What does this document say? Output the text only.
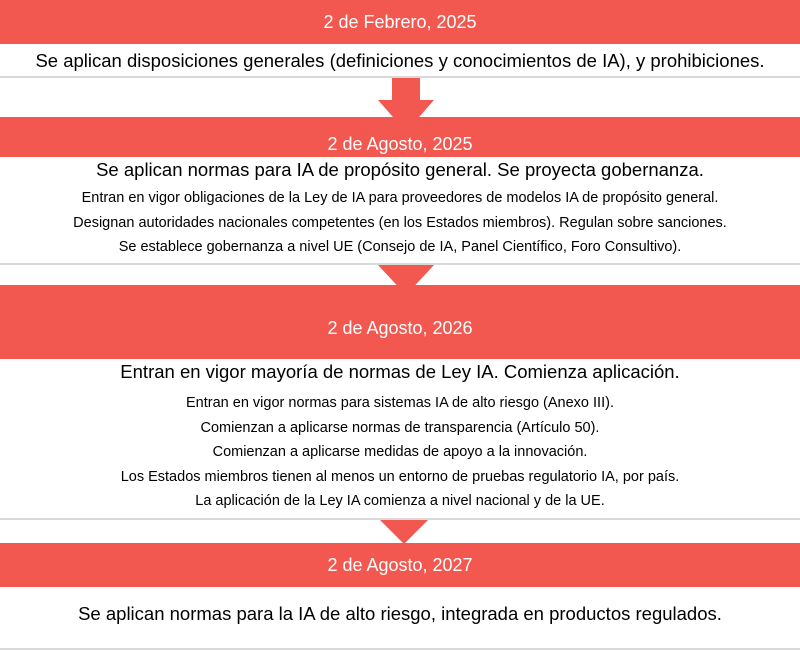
2 de Febrero, 2025

Se aplican disposiciones generales (definiciones y conocimientos de IA), y prohibiciones.

2 de Agosto, 2025

Se aplican normas para IA de propósito general. Se proyecta gobernanza.

Entran en vigor obligaciones de la Ley de IA para proveedores de modelos IA de propósito general.

Designan autoridades nacionales competentes (en los Estados miembros). Regulan sobre sanciones.

Se establece gobernanza a nivel UE (Consejo de IA, Panel Científico, Foro Consultivo).

2 de Agosto, 2026

Entran en vigor mayoría de normas de Ley IA. Comienza aplicación.

Entran en vigor normas para sistemas IA de alto riesgo (Anexo III).

Comienzan a aplicarse normas de transparencia (Artículo 50).

Comienzan a aplicarse medidas de apoyo a la innovación.

Los Estados miembros tienen al menos un entorno de pruebas regulatorio IA, por país.

La aplicación de la Ley IA comienza a nivel nacional y de la UE.

2 de Agosto, 2027

Se aplican normas para la IA de alto riesgo, integrada en productos regulados.
